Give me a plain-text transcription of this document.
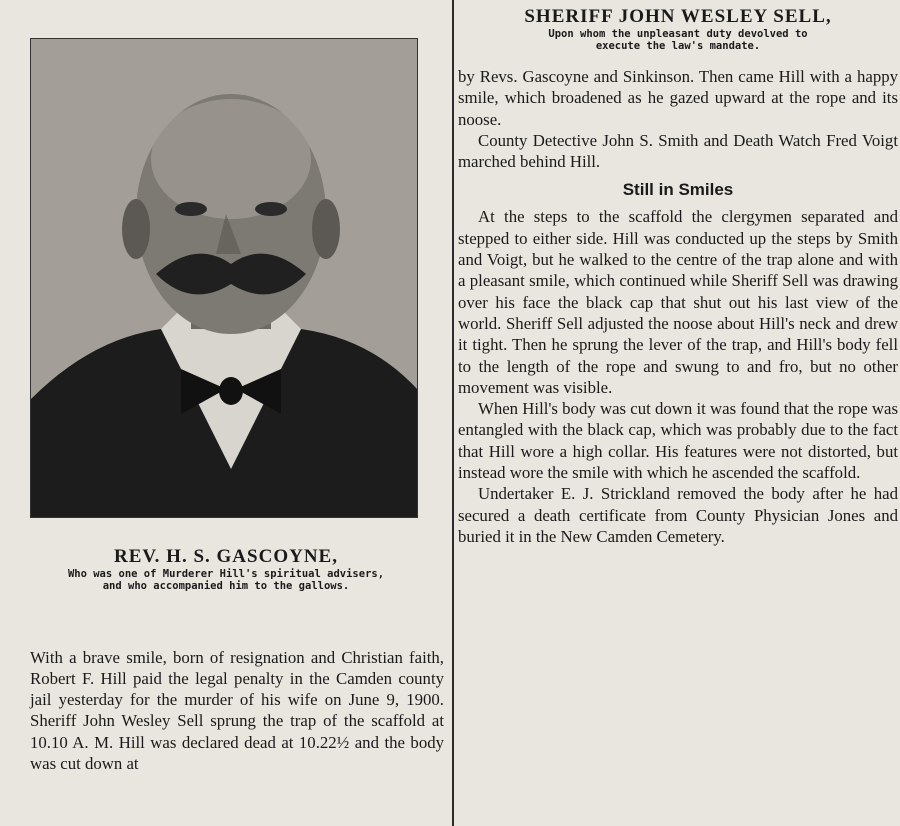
REV. H. S. GASCOYNE,
Who was one of Murderer Hill's spiritual advisers, and who accompanied him to the gallows.

With a brave smile, born of resignation and Christian faith, Robert F. Hill paid the legal penalty in the Camden county jail yesterday for the murder of his wife on June 9, 1900. Sheriff John Wesley Sell sprung the trap of the scaffold at 10.10 A. M. Hill was declared dead at 10.22½ and the body was cut down at

SHERIFF JOHN WESLEY SELL,
Upon whom the unpleasant duty devolved to
execute the law's mandate.

by Revs. Gascoyne and Sinkinson. Then came Hill with a happy smile, which broadened as he gazed upward at the rope and its noose.

County Detective John S. Smith and Death Watch Fred Voigt marched behind Hill.

Still in Smiles

At the steps to the scaffold the clergymen separated and stepped to either side. Hill was conducted up the steps by Smith and Voigt, but he walked to the centre of the trap alone and with a pleasant smile, which continued while Sheriff Sell was drawing over his face the black cap that shut out his last view of the world. Sheriff Sell adjusted the noose about Hill's neck and drew it tight. Then he sprung the lever of the trap, and Hill's body fell to the length of the rope and swung to and fro, but no other movement was visible.

When Hill's body was cut down it was found that the rope was entangled with the black cap, which was probably due to the fact that Hill wore a high collar. His features were not distorted, but instead wore the smile with which he ascended the scaffold.

Undertaker E. J. Strickland removed the body after he had secured a death certificate from County Physician Jones and buried it in the New Camden Cemetery.
